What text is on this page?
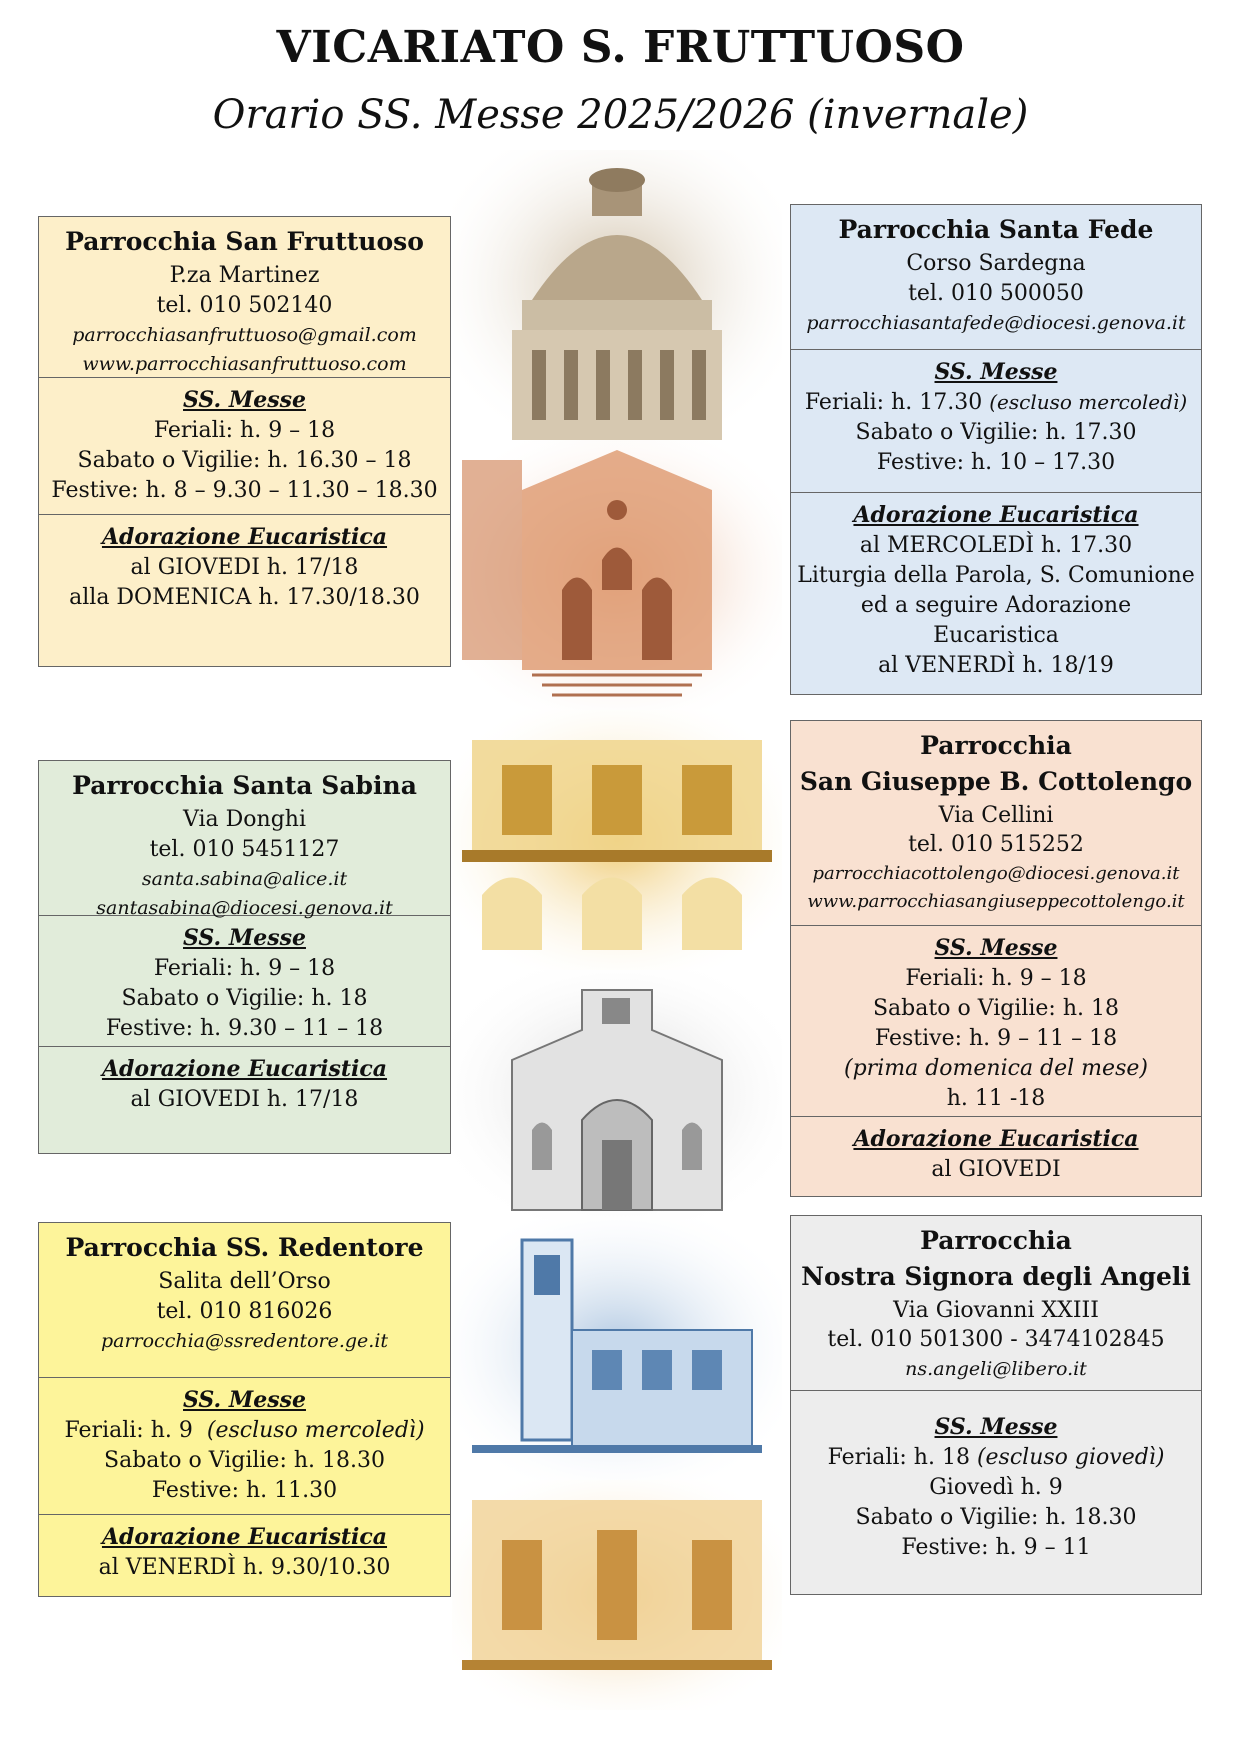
VICARIATO S. FRUTTUOSO
Orario SS. Messe 2025/2026 (invernale)
Parrocchia San Fruttuoso
P.za Martinez
tel. 010 502140
parrocchiasanfruttuoso@gmail.com
www.parrocchiasanfruttuoso.com
SS. Messe
Feriali: h. 9 – 18
Sabato o Vigilie: h. 16.30 – 18
Festive: h. 8 – 9.30 – 11.30 – 18.30
Adorazione Eucaristica
al GIOVEDI h. 17/18
alla DOMENICA h. 17.30/18.30
Parrocchia Santa Fede
Corso Sardegna
tel. 010 500050
parrocchiasantafede@diocesi.genova.it
SS. Messe
Feriali: h. 17.30 (escluso mercoledì)
Sabato o Vigilie: h. 17.30
Festive: h. 10 – 17.30
Adorazione Eucaristica
al MERCOLEDÌ h. 17.30
Liturgia della Parola, S. Comunione
ed a seguire Adorazione Eucaristica
al VENERDÌ h. 18/19
Parrocchia Santa Sabina
Via Donghi
tel. 010 5451127
santa.sabina@alice.it
santasabina@diocesi.genova.it
SS. Messe
Feriali: h. 9 – 18
Sabato o Vigilie: h. 18
Festive: h. 9.30 – 11 – 18
Adorazione Eucaristica
al GIOVEDI h. 17/18
Parrocchia
San Giuseppe B. Cottolengo
Via Cellini
tel. 010 515252
parrocchiacottolengo@diocesi.genova.it
www.parrocchiasangiuseppecottolengo.it
SS. Messe
Feriali: h. 9 – 18
Sabato o Vigilie: h. 18
Festive: h. 9 – 11 – 18
(prima domenica del mese)
h. 11 -18
Adorazione Eucaristica
al GIOVEDI
Parrocchia SS. Redentore
Salita dell’Orso
tel. 010 816026
parrocchia@ssredentore.ge.it
SS. Messe
Feriali: h. 9 (escluso mercoledì)
Sabato o Vigilie: h. 18.30
Festive: h. 11.30
Adorazione Eucaristica
al VENERDÌ h. 9.30/10.30
Parrocchia
Nostra Signora degli Angeli
Via Giovanni XXIII
tel. 010 501300 - 3474102845
ns.angeli@libero.it
SS. Messe
Feriali: h. 18 (escluso giovedì)
Giovedì h. 9
Sabato o Vigilie: h. 18.30
Festive: h. 9 – 11
